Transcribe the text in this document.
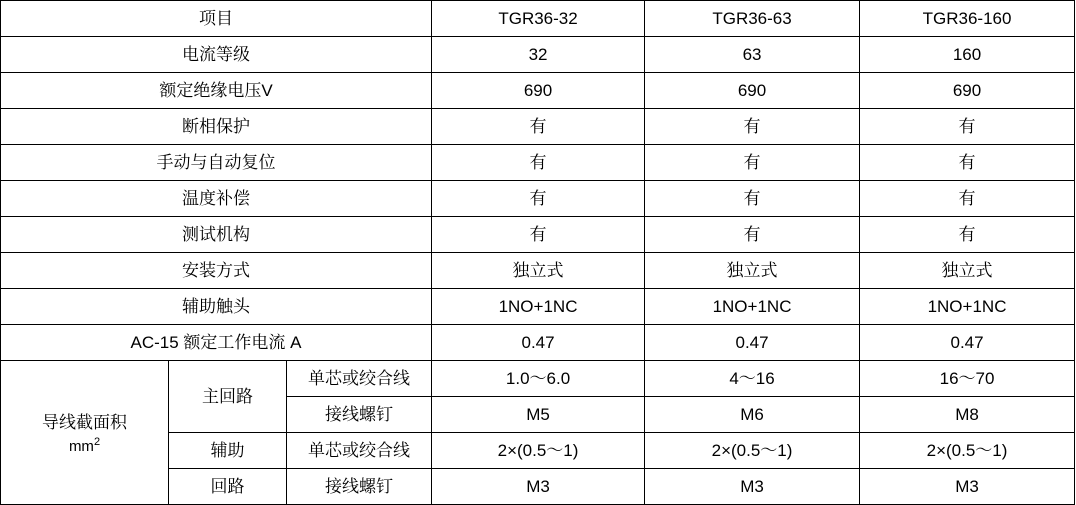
项目			TGR36-32	TGR36-63	TGR36-160
电流等级			32	63	160
额定绝缘电压V			690	690	690
断相保护			有	有	有
手动与自动复位			有	有	有
温度补偿			有	有	有
测试机构			有	有	有
安装方式			独立式	独立式	独立式
辅助触头			1NO+1NC	1NO+1NC	1NO+1NC
AC-15 额定工作电流 A			0.47	0.47	0.47

导线截面积
$mm^2$	主回路	单芯或绞合线	1.0～6.0	4～16	16～70
		接线螺钉	M5	M6	M8
	辅助	单芯或绞合线	2×(0.5～1)	2×(0.5～1)	2×(0.5～1)
	回路	接线螺钉	M3	M3	M3
